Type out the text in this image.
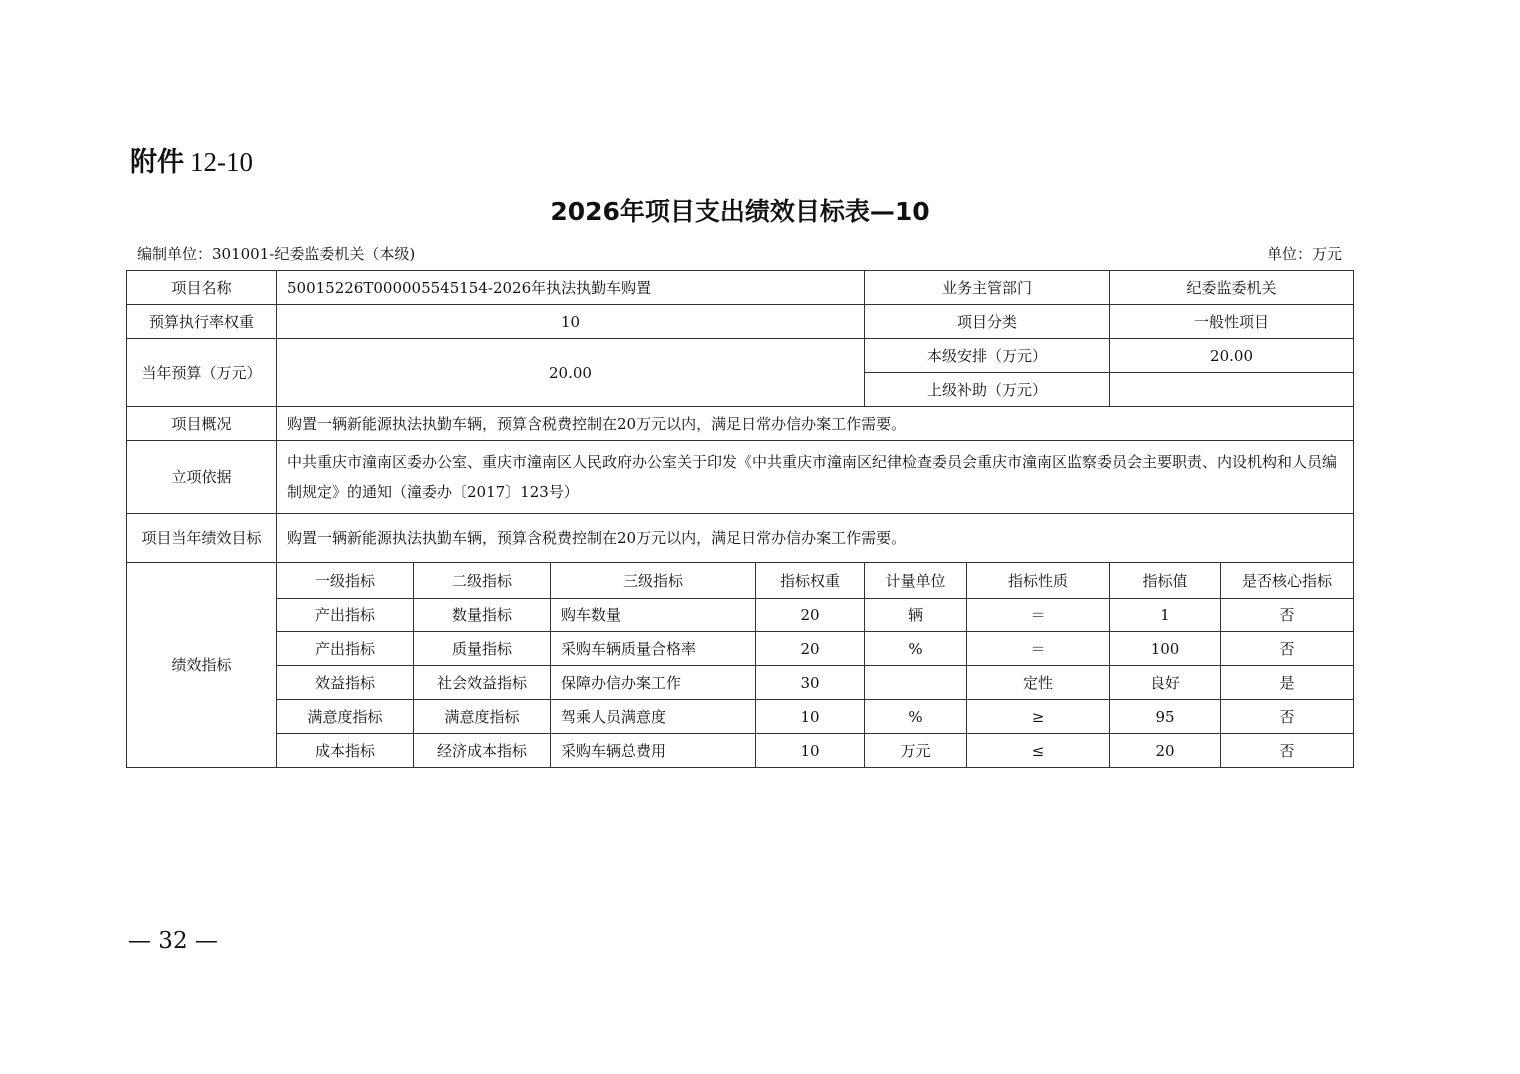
附件 12-10
2026年项目支出绩效目标表—10
编制单位：301001-纪委监委机关（本级)	单位：万元
项目名称	50015226T000005545154-2026年执法执勤车购置				业务主管部门		纪委监委机关	
预算执行率权重	10				项目分类		一般性项目	
当年预算（万元）	20.00				本级安排（万元）		20.00	
					上级补助（万元）			
项目概况	购置一辆新能源执法执勤车辆，预算含税费控制在20万元以内，满足日常办信办案工作需要。							
立项依据	中共重庆市潼南区委办公室、重庆市潼南区人民政府办公室关于印发《中共重庆市潼南区纪律检查委员会重庆市潼南区监察委员会主要职责、内设机构和人员编制规定》的通知（潼委办〔2017〕123号）							
项目当年绩效目标	购置一辆新能源执法执勤车辆，预算含税费控制在20万元以内，满足日常办信办案工作需要。							
绩效指标	一级指标	二级指标	三级指标	指标权重	计量单位	指标性质	指标值	是否核心指标
	产出指标	数量指标	购车数量	20	辆	＝	1	否
	产出指标	质量指标	采购车辆质量合格率	20	%	＝	100	否
	效益指标	社会效益指标	保障办信办案工作	30		定性	良好	是
	满意度指标	满意度指标	驾乘人员满意度	10	%	≥	95	否
	成本指标	经济成本指标	采购车辆总费用	10	万元	≤	20	否
— 32 —
